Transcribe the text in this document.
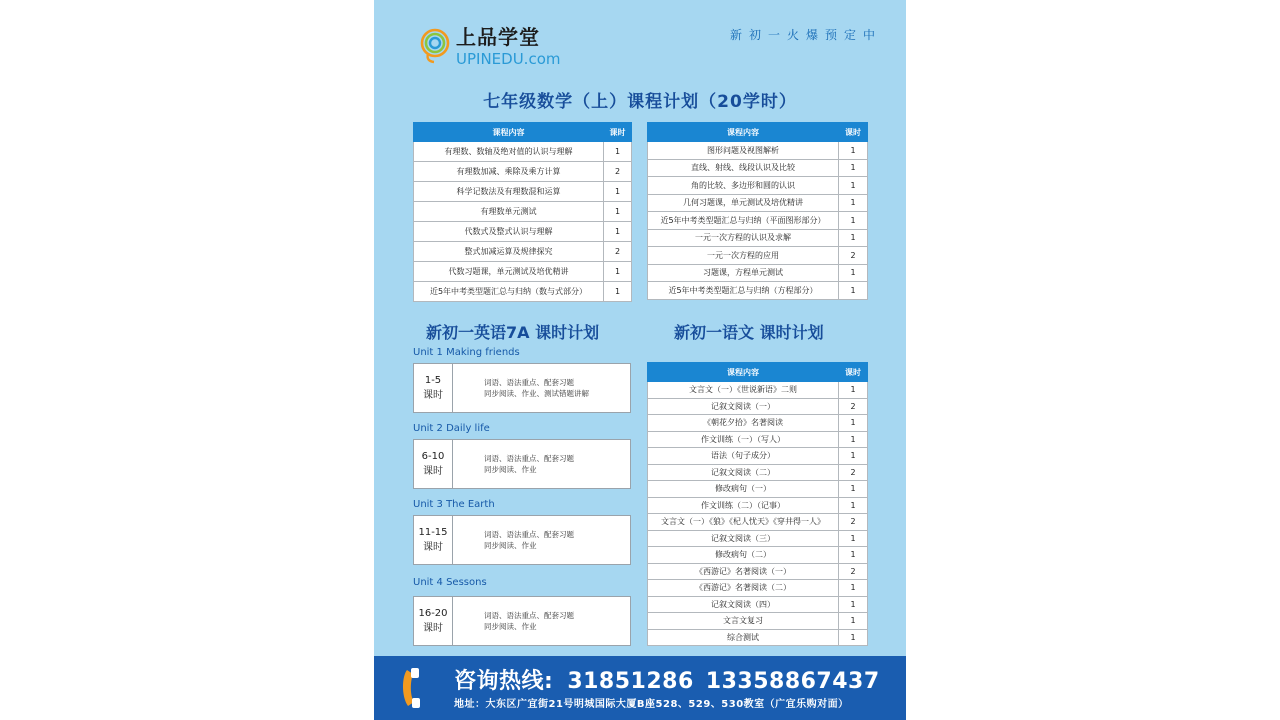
上品学堂
UPINEDU.com
新初一火爆预定中
七年级数学（上）课程计划（20学时）
课程内容	课时
有理数、数轴及绝对值的认识与理解	1
有理数加减、乘除及乘方计算	2
科学记数法及有理数混和运算	1
有理数单元测试	1
代数式及整式认识与理解	1
整式加减运算及规律探究	2
代数习题课，单元测试及培优精讲	1
近5年中考类型题汇总与归纳（数与式部分）	1
课程内容	课时
图形问题及视图解析	1
直线、射线、线段认识及比较	1
角的比较、多边形和圆的认识	1
几何习题课，单元测试及培优精讲	1
近5年中考类型题汇总与归纳（平面图形部分）	1
一元一次方程的认识及求解	1
一元一次方程的应用	2
习题课，方程单元测试	1
近5年中考类型题汇总与归纳（方程部分）	1
新初一英语7A 课时计划
Unit 1 Making friends
1-5
课时
词语、语法重点、配套习题
同步阅读、作业、测试错题讲解
Unit 2 Daily life
6-10
课时
词语、语法重点、配套习题
同步阅读、作业
Unit 3 The Earth
11-15
课时
词语、语法重点、配套习题
同步阅读、作业
Unit 4 Sessons
16-20
课时
词语、语法重点、配套习题
同步阅读、作业
新初一语文 课时计划
课程内容	课时
文言文（一）《世说新语》二则	1
记叙文阅读（一）	2
《朝花夕拾》名著阅读	1
作文训练（一）（写人）	1
语法（句子成分）	1
记叙文阅读（二）	2
修改病句（一）	1
作文训练（二）（记事）	1
文言文（一）《狼》《杞人忧天》《穿井得一人》	2
记叙文阅读（三）	1
修改病句（二）	1
《西游记》名著阅读（一）	2
《西游记》名著阅读（二）	1
记叙文阅读（四）	1
文言文复习	1
综合测试	1
咨询热线: 31851286 13358867437
地址：大东区广宜街21号明城国际大厦B座528、529、530教室（广宜乐购对面）
